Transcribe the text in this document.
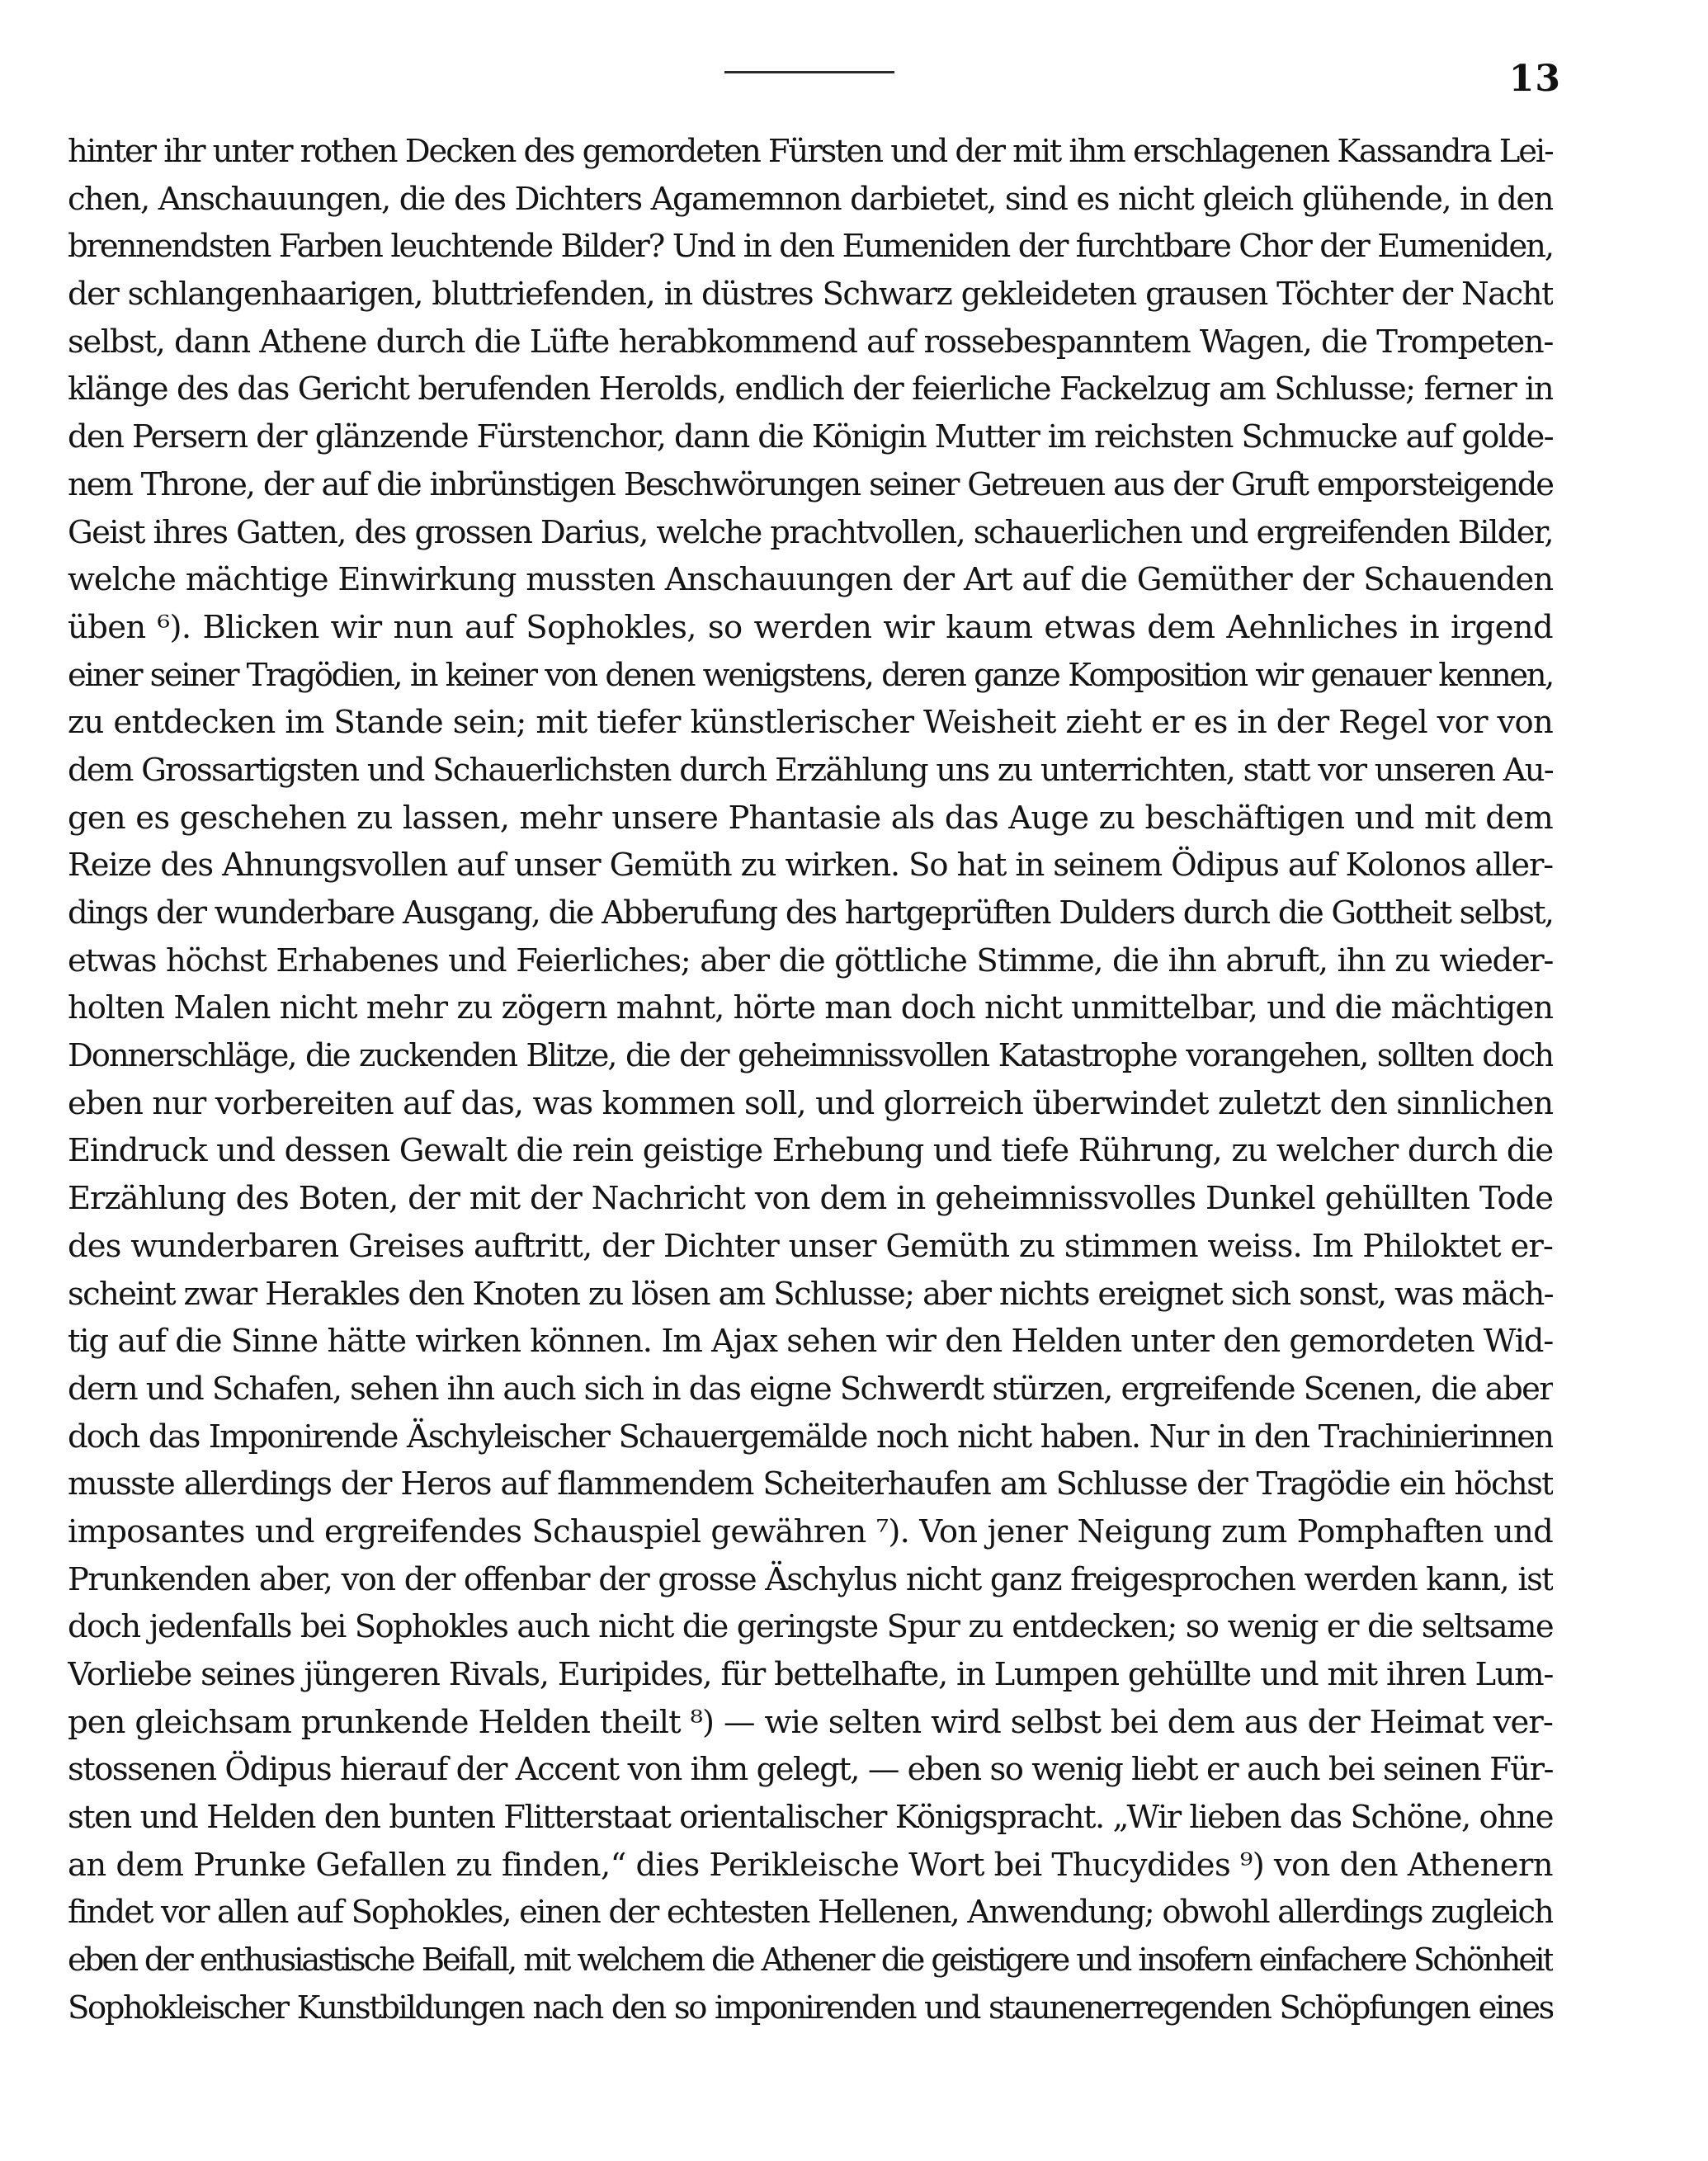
13
hinter ihr unter rothen Decken des gemordeten Fürsten und der mit ihm erschlagenen Kassandra Lei-
chen, Anschauungen, die des Dichters Agamemnon darbietet, sind es nicht gleich glühende, in den
brennendsten Farben leuchtende Bilder? Und in den Eumeniden der furchtbare Chor der Eumeniden,
der schlangenhaarigen, bluttriefenden, in düstres Schwarz gekleideten grausen Töchter der Nacht
selbst, dann Athene durch die Lüfte herabkommend auf rossebespanntem Wagen, die Trompeten-
klänge des das Gericht berufenden Herolds, endlich der feierliche Fackelzug am Schlusse; ferner in
den Persern der glänzende Fürstenchor, dann die Königin Mutter im reichsten Schmucke auf golde-
nem Throne, der auf die inbrünstigen Beschwörungen seiner Getreuen aus der Gruft emporsteigende
Geist ihres Gatten, des grossen Darius, welche prachtvollen, schauerlichen und ergreifenden Bilder,
welche mächtige Einwirkung mussten Anschauungen der Art auf die Gemüther der Schauenden
üben ⁶). Blicken wir nun auf Sophokles, so werden wir kaum etwas dem Aehnliches in irgend
einer seiner Tragödien, in keiner von denen wenigstens, deren ganze Komposition wir genauer kennen,
zu entdecken im Stande sein; mit tiefer künstlerischer Weisheit zieht er es in der Regel vor von
dem Grossartigsten und Schauerlichsten durch Erzählung uns zu unterrichten, statt vor unseren Au-
gen es geschehen zu lassen, mehr unsere Phantasie als das Auge zu beschäftigen und mit dem
Reize des Ahnungsvollen auf unser Gemüth zu wirken. So hat in seinem Ödipus auf Kolonos aller-
dings der wunderbare Ausgang, die Abberufung des hartgeprüften Dulders durch die Gottheit selbst,
etwas höchst Erhabenes und Feierliches; aber die göttliche Stimme, die ihn abruft, ihn zu wieder-
holten Malen nicht mehr zu zögern mahnt, hörte man doch nicht unmittelbar, und die mächtigen
Donnerschläge, die zuckenden Blitze, die der geheimnissvollen Katastrophe vorangehen, sollten doch
eben nur vorbereiten auf das, was kommen soll, und glorreich überwindet zuletzt den sinnlichen
Eindruck und dessen Gewalt die rein geistige Erhebung und tiefe Rührung, zu welcher durch die
Erzählung des Boten, der mit der Nachricht von dem in geheimnissvolles Dunkel gehüllten Tode
des wunderbaren Greises auftritt, der Dichter unser Gemüth zu stimmen weiss. Im Philoktet er-
scheint zwar Herakles den Knoten zu lösen am Schlusse; aber nichts ereignet sich sonst, was mäch-
tig auf die Sinne hätte wirken können. Im Ajax sehen wir den Helden unter den gemordeten Wid-
dern und Schafen, sehen ihn auch sich in das eigne Schwerdt stürzen, ergreifende Scenen, die aber
doch das Imponirende Äschyleischer Schauergemälde noch nicht haben. Nur in den Trachinierinnen
musste allerdings der Heros auf flammendem Scheiterhaufen am Schlusse der Tragödie ein höchst
imposantes und ergreifendes Schauspiel gewähren ⁷). Von jener Neigung zum Pomphaften und
Prunkenden aber, von der offenbar der grosse Äschylus nicht ganz freigesprochen werden kann, ist
doch jedenfalls bei Sophokles auch nicht die geringste Spur zu entdecken; so wenig er die seltsame
Vorliebe seines jüngeren Rivals, Euripides, für bettelhafte, in Lumpen gehüllte und mit ihren Lum-
pen gleichsam prunkende Helden theilt ⁸) — wie selten wird selbst bei dem aus der Heimat ver-
stossenen Ödipus hierauf der Accent von ihm gelegt, — eben so wenig liebt er auch bei seinen Für-
sten und Helden den bunten Flitterstaat orientalischer Königspracht. „Wir lieben das Schöne, ohne
an dem Prunke Gefallen zu finden,“ dies Perikleische Wort bei Thucydides ⁹) von den Athenern
findet vor allen auf Sophokles, einen der echtesten Hellenen, Anwendung; obwohl allerdings zugleich
eben der enthusiastische Beifall, mit welchem die Athener die geistigere und insofern einfachere Schönheit
Sophokleischer Kunstbildungen nach den so imponirenden und staunenerregenden Schöpfungen eines
